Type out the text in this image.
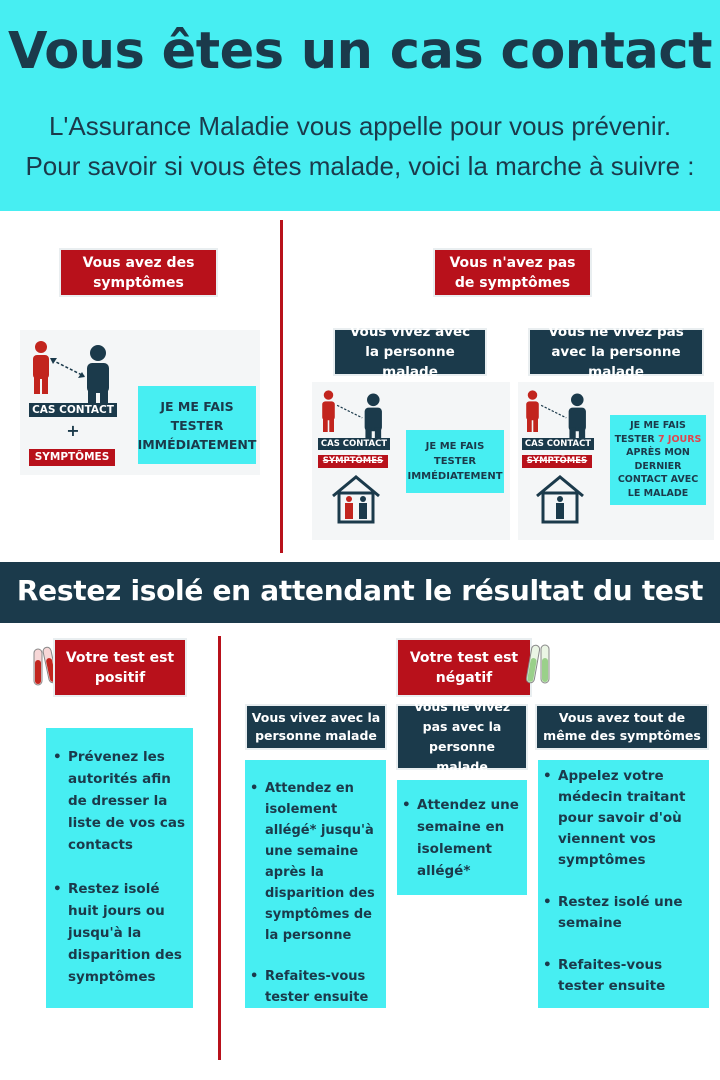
Vous êtes un cas contact
L'Assurance Maladie vous appelle pour vous prévenir.
Pour savoir si vous êtes malade, voici la marche à suivre :
Vous avez des symptômes
CAS CONTACT
+
SYMPTÔMES
JE ME FAIS TESTER IMMÉDIATEMENT
Vous n'avez pas de symptômes
Vous vivez avec la personne malade
CAS CONTACT
SYMPTÔMES
JE ME FAIS TESTER IMMÉDIATEMENT
Vous ne vivez pas avec la personne malade
CAS CONTACT
SYMPTÔMES
JE ME FAIS TESTER 7 JOURS APRÈS MON DERNIER CONTACT AVEC LE MALADE
Restez isolé en attendant le résultat du test
Votre test est positif
• Prévenez les autorités afin de dresser la liste de vos cas contacts
• Restez isolé huit jours ou jusqu'à la disparition des symptômes
Votre test est négatif
Vous vivez avec la personne malade
• Attendez en isolement allégé* jusqu'à une semaine après la disparition des symptômes de la personne
• Refaites-vous tester ensuite
Vous ne vivez pas avec la personne malade
• Attendez une semaine en isolement allégé*
Vous avez tout de même des symptômes
• Appelez votre médecin traitant pour savoir d'où viennent vos symptômes
• Restez isolé une semaine
• Refaites-vous tester ensuite
